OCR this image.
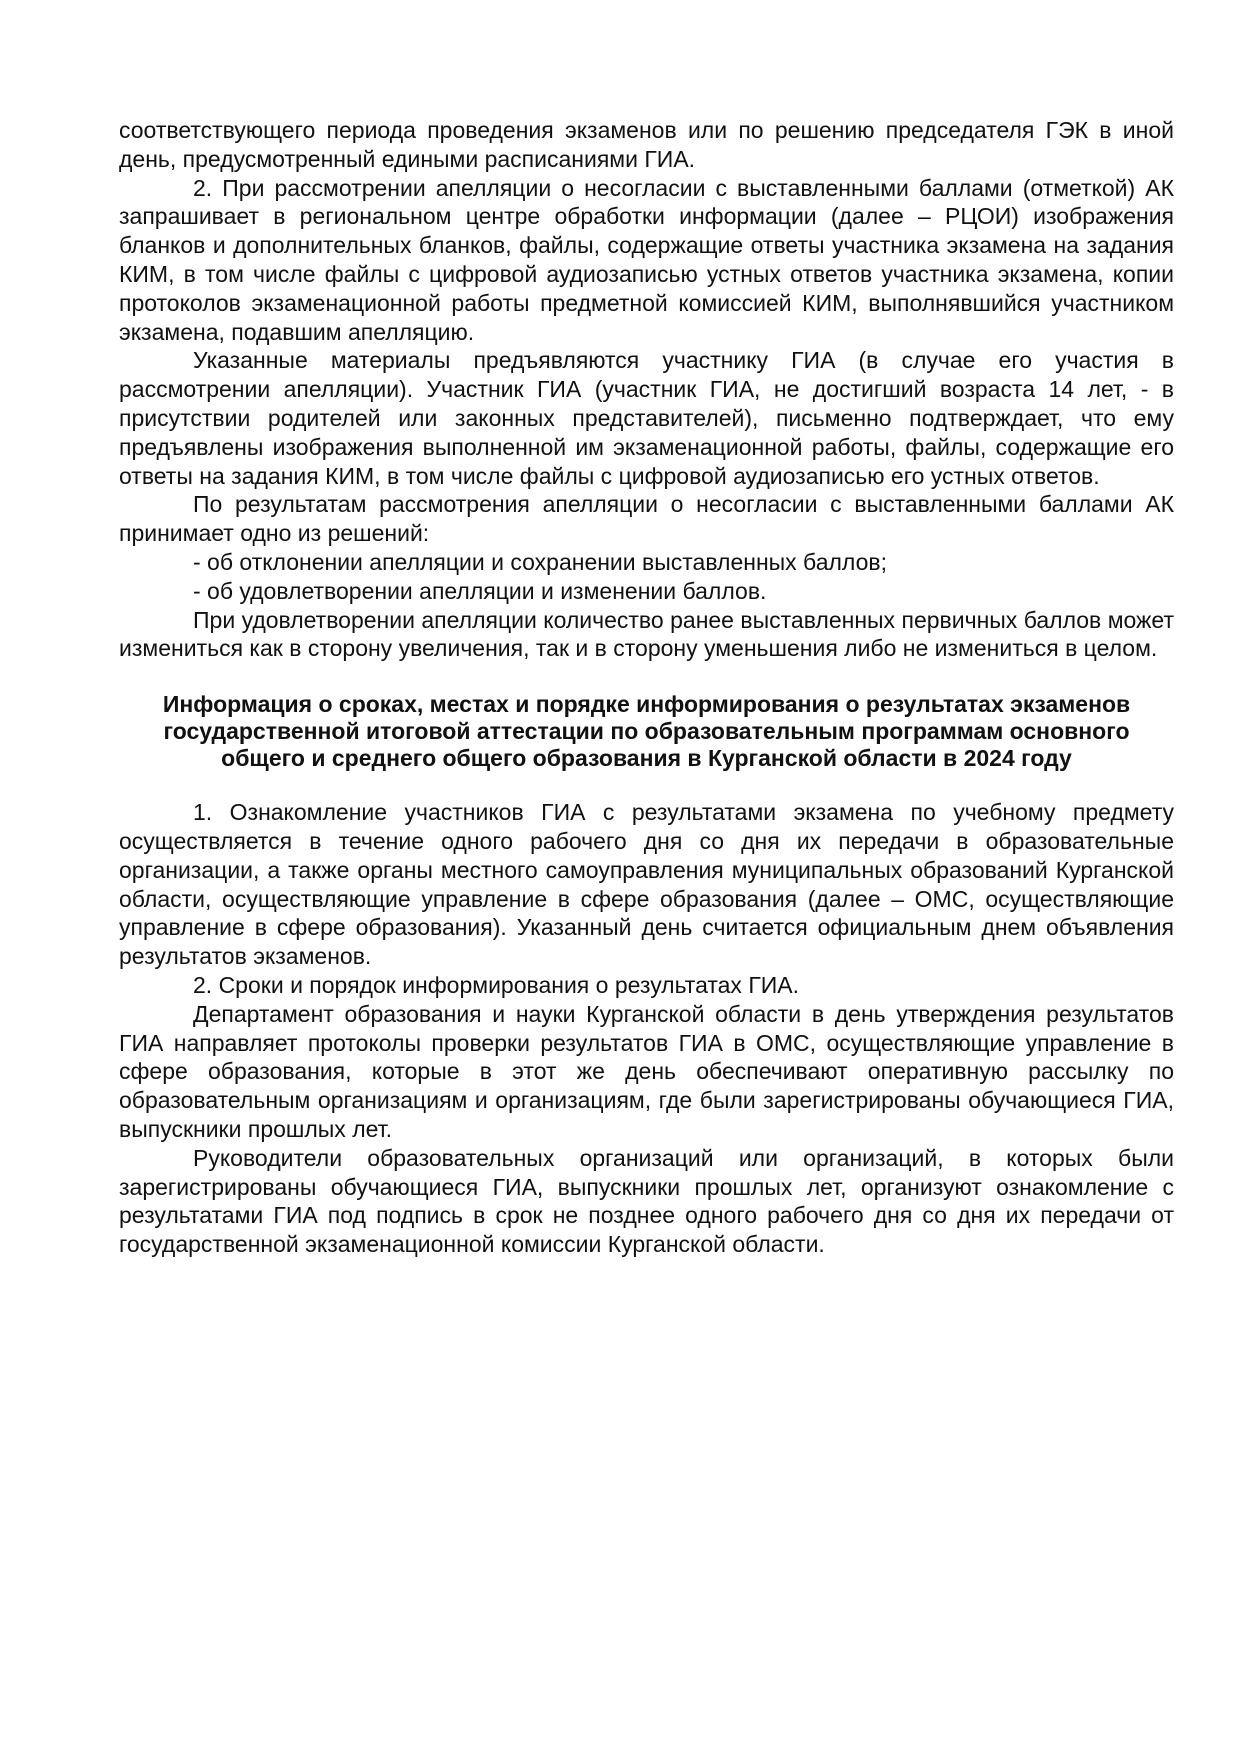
соответствующего периода проведения экзаменов или по решению председателя ГЭК в иной день, предусмотренный едиными расписаниями ГИА.

2. При рассмотрении апелляции о несогласии с выставленными баллами (отметкой) АК запрашивает в региональном центре обработки информации (далее – РЦОИ) изображения бланков и дополнительных бланков, файлы, содержащие ответы участника экзамена на задания КИМ, в том числе файлы с цифровой аудиозаписью устных ответов участника экзамена, копии протоколов экзаменационной работы предметной комиссией КИМ, выполнявшийся участником экзамена, подавшим апелляцию.

Указанные материалы предъявляются участнику ГИА (в случае его участия в рассмотрении апелляции). Участник ГИА (участник ГИА, не достигший возраста 14 лет, - в присутствии родителей или законных представителей), письменно подтверждает, что ему предъявлены изображения выполненной им экзаменационной работы, файлы, содержащие его ответы на задания КИМ, в том числе файлы с цифровой аудиозаписью его устных ответов.

По результатам рассмотрения апелляции о несогласии с выставленными баллами АК принимает одно из решений:

- об отклонении апелляции и сохранении выставленных баллов;

- об удовлетворении апелляции и изменении баллов.

При удовлетворении апелляции количество ранее выставленных первичных баллов может измениться как в сторону увеличения, так и в сторону уменьшения либо не измениться в целом.

Информация о сроках, местах и порядке информирования о результатах экзаменов государственной итоговой аттестации по образовательным программам основного общего и среднего общего образования в Курганской области в 2024 году

1. Ознакомление участников ГИА с результатами экзамена по учебному предмету осуществляется в течение одного рабочего дня со дня их передачи в образовательные организации, а также органы местного самоуправления муниципальных образований Курганской области, осуществляющие управление в сфере образования (далее – ОМС, осуществляющие управление в сфере образования). Указанный день считается официальным днем объявления результатов экзаменов.

2. Сроки и порядок информирования о результатах ГИА.

Департамент образования и науки Курганской области в день утверждения результатов ГИА направляет протоколы проверки результатов ГИА в ОМС, осуществляющие управление в сфере образования, которые в этот же день обеспечивают оперативную рассылку по образовательным организациям и организациям, где были зарегистрированы обучающиеся ГИА, выпускники прошлых лет.

Руководители образовательных организаций или организаций, в которых были зарегистрированы обучающиеся ГИА, выпускники прошлых лет, организуют ознакомление с результатами ГИА под подпись в срок не позднее одного рабочего дня со дня их передачи от государственной экзаменационной комиссии Курганской области.
